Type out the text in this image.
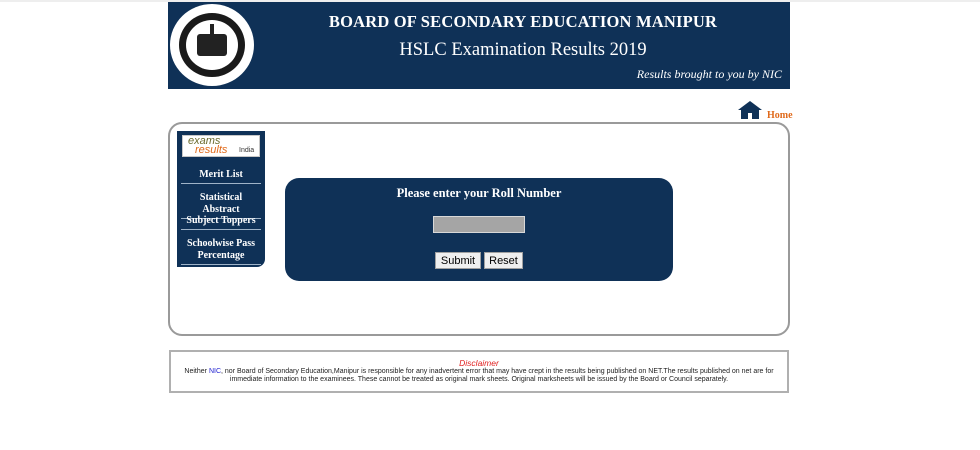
BOARD OF SECONDARY EDUCATION MANIPUR
HSLC Examination Results 2019
Results brought to you by NIC
Home
exams
results India
Merit List
Statistical Abstract
Subject Toppers
Schoolwise Pass Percentage
Please enter your Roll Number
Submit	Reset
Disclaimer
Neither NIC, nor Board of Secondary Education,Manipur is responsible for any inadvertent error that may have crept in the results being published on NET.The results published on net are for immediate information to the examinees. These cannot be treated as original mark sheets. Original marksheets will be issued by the Board or Council separately.
